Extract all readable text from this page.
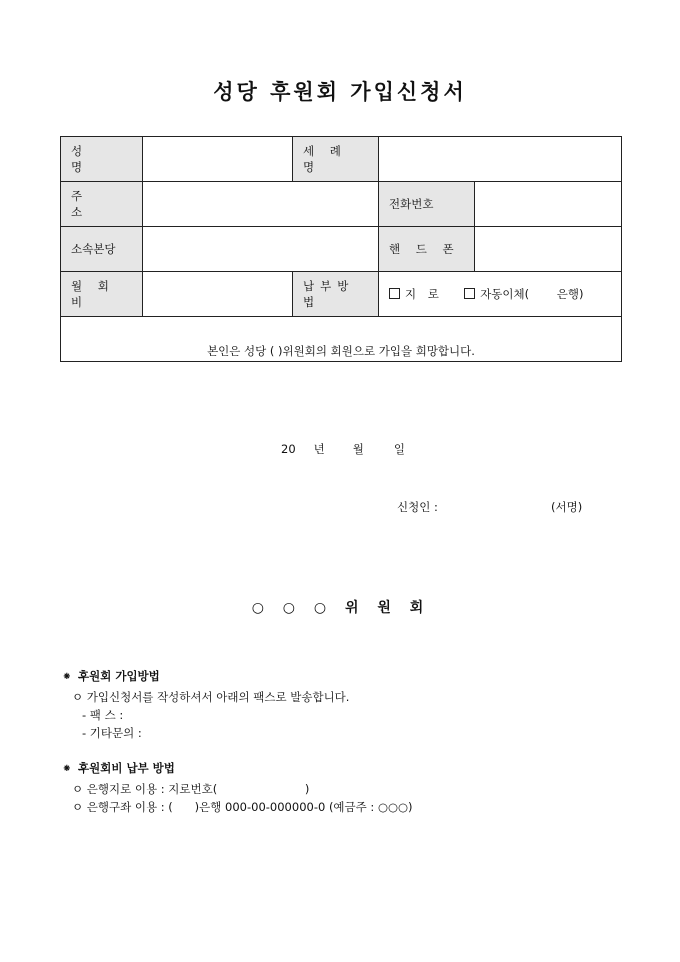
성당 후원회 가입신청서
성 명		세 례 명		
주 소			전화번호	
소속본당			핸 드 폰	
월 회 비		납부방법	지 로 자동이체( 은행)	

본인은 성당 ( )위원회의 회원으로 가입을 희망합니다.
20 년 월 일
신청인 : (서명)
○ ○ ○ 위 원 회				
⁕ 후원회 가입방법
ㅇ 가입신청서를 작성하셔서 아래의 팩스로 발송합니다.
- 팩 스 :
- 기타문의 :
⁕ 후원회비 납부 방법
ㅇ 은행지로 이용 : 지로번호(                        )
ㅇ 은행구좌 이용 : (      )은행 000-00-000000-0 (예금주 : ○○○)
